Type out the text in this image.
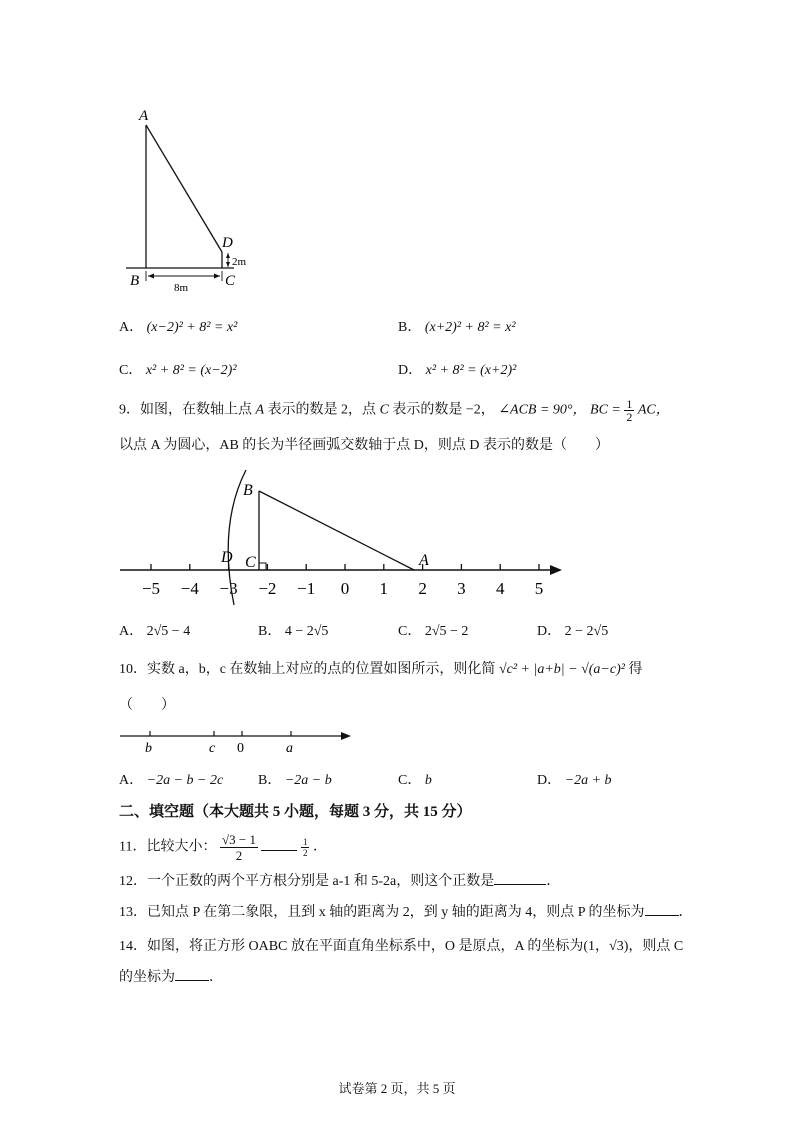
A
B	C
D
8m
2m
A． (x−2)² + 8² = x²	B． (x+2)² + 8² = x²
C． x² + 8² = (x−2)²	D． x² + 8² = (x+2)²
9．如图，在数轴上点 A 表示的数是 2，点 C 表示的数是 −2， ∠ACB = 90°， BC = $\frac{1}{2}$ AC，
以点 A 为圆心，AB 的长为半径画弧交数轴于点 D，则点 D 表示的数是（　　）
−5 −4 −3 −2 −1 0 1 2 3 4 5
B
C
D	A
A． 2√5 − 4	B． 4 − 2√5	C． 2√5 − 2	D． 2 − 2√5
10．实数 a，b，c 在数轴上对应的点的位置如图所示，则化简 √c² + |a+b| − √(a−c)² 得
（　　）
b	c 0	a
A． −2a − b − 2c B． −2a − b	C． b	D． −2a + b
二、填空题（本大题共 5 小题，每题 3 分，共 15 分）
11．比较大小： $\frac{√3 - 1}{2}$
	$\frac{1}{2}$ ．
12．一个正数的两个平方根分别是 a-1 和 5-2a，则这个正数是	．
13．已知点 P 在第二象限，且到 x 轴的距离为 2，到 y 轴的距离为 4，则点 P 的坐标为 ．
14．如图，将正方形 OABC 放在平面直角坐标系中，O 是原点，A 的坐标为(1，√3)，则点 C
的坐标为 ．
试卷第 2 页，共 5 页
